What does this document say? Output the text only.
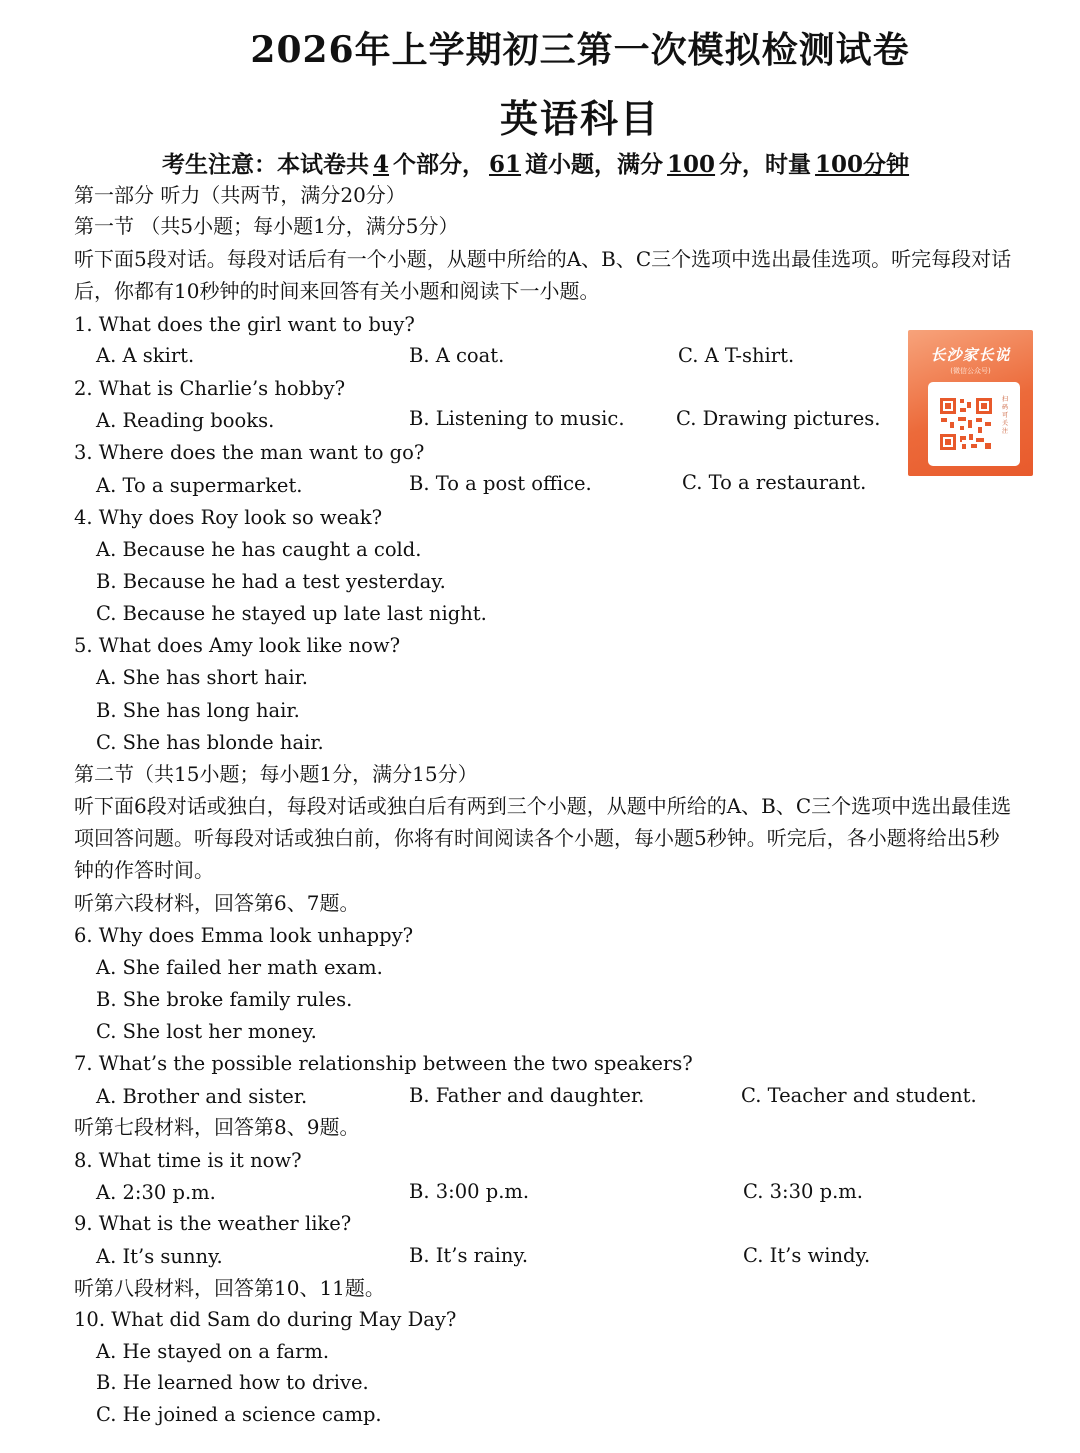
2026年上学期初三第一次模拟检测试卷
英语科目
考生注意：本试卷共 4 个部分， 61 道小题，满分 100 分，时量 100分钟
第一部分 听力（共两节，满分20分）
第一节 （共5小题；每小题1分，满分5分）
听下面5段对话。每段对话后有一个小题，从题中所给的A、B、C三个选项中选出最佳选项。听完每段对话后，你都有10秒钟的时间来回答有关小题和阅读下一小题。
1. What does the girl want to buy?
A. A skirt.	B. A coat.	C. A T-shirt.
2. What is Charlie’s hobby?
A. Reading books.	B. Listening to music.	C. Drawing pictures.
3. Where does the man want to go?
A. To a supermarket.	B. To a post office.	C. To a restaurant.
4. Why does Roy look so weak?
A. Because he has caught a cold.
B. Because he had a test yesterday.
C. Because he stayed up late last night.
5. What does Amy look like now?
A. She has short hair.
B. She has long hair.
C. She has blonde hair.
第二节（共15小题；每小题1分，满分15分）
听下面6段对话或独白，每段对话或独白后有两到三个小题，从题中所给的A、B、C三个选项中选出最佳选项回答问题。听每段对话或独白前，你将有时间阅读各个小题，每小题5秒钟。听完后，各小题将给出5秒钟的作答时间。
听第六段材料，回答第6、7题。
6. Why does Emma look unhappy?
A. She failed her math exam.
B. She broke family rules.
C. She lost her money.
7. What’s the possible relationship between the two speakers?
A. Brother and sister.	B. Father and daughter.	C. Teacher and student.
听第七段材料，回答第8、9题。
8. What time is it now?
A. 2:30 p.m.	B. 3:00 p.m.	C. 3:30 p.m.
9. What is the weather like?
A. It’s sunny.	B. It’s rainy.	C. It’s windy.
听第八段材料，回答第10、11题。
10. What did Sam do during May Day?
A. He stayed on a farm.
B. He learned how to drive.
C. He joined a science camp.
长沙家长说
(微信公众号)
扫码可关注
